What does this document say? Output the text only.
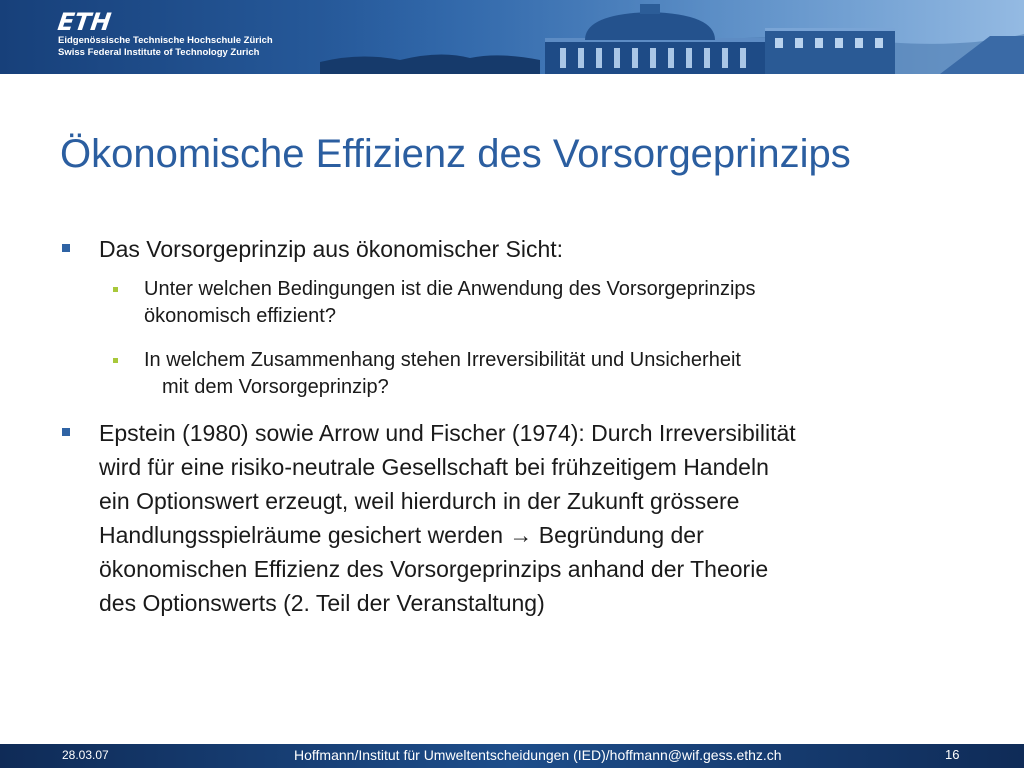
ETH
Eidgenössische Technische Hochschule Zürich
Swiss Federal Institute of Technology Zurich
Ökonomische Effizienz des Vorsorgeprinzips
Das Vorsorgeprinzip aus ökonomischer Sicht:
Unter welchen Bedingungen ist die Anwendung des Vorsorgeprinzips
ökonomisch effizient?
In welchem Zusammenhang stehen Irreversibilität und Unsicherheit
mit dem Vorsorgeprinzip?
Epstein (1980) sowie Arrow und Fischer (1974): Durch Irreversibilität
wird für eine risiko-neutrale Gesellschaft bei frühzeitigem Handeln
ein Optionswert erzeugt, weil hierdurch in der Zukunft grössere
Handlungsspielräume gesichert werden → Begründung der
ökonomischen Effizienz des Vorsorgeprinzips anhand der Theorie
des Optionswerts (2. Teil der Veranstaltung)
28.03.07	Hoffmann/Institut für Umweltentscheidungen (IED)/hoffmann@wif.gess.ethz.ch	16
